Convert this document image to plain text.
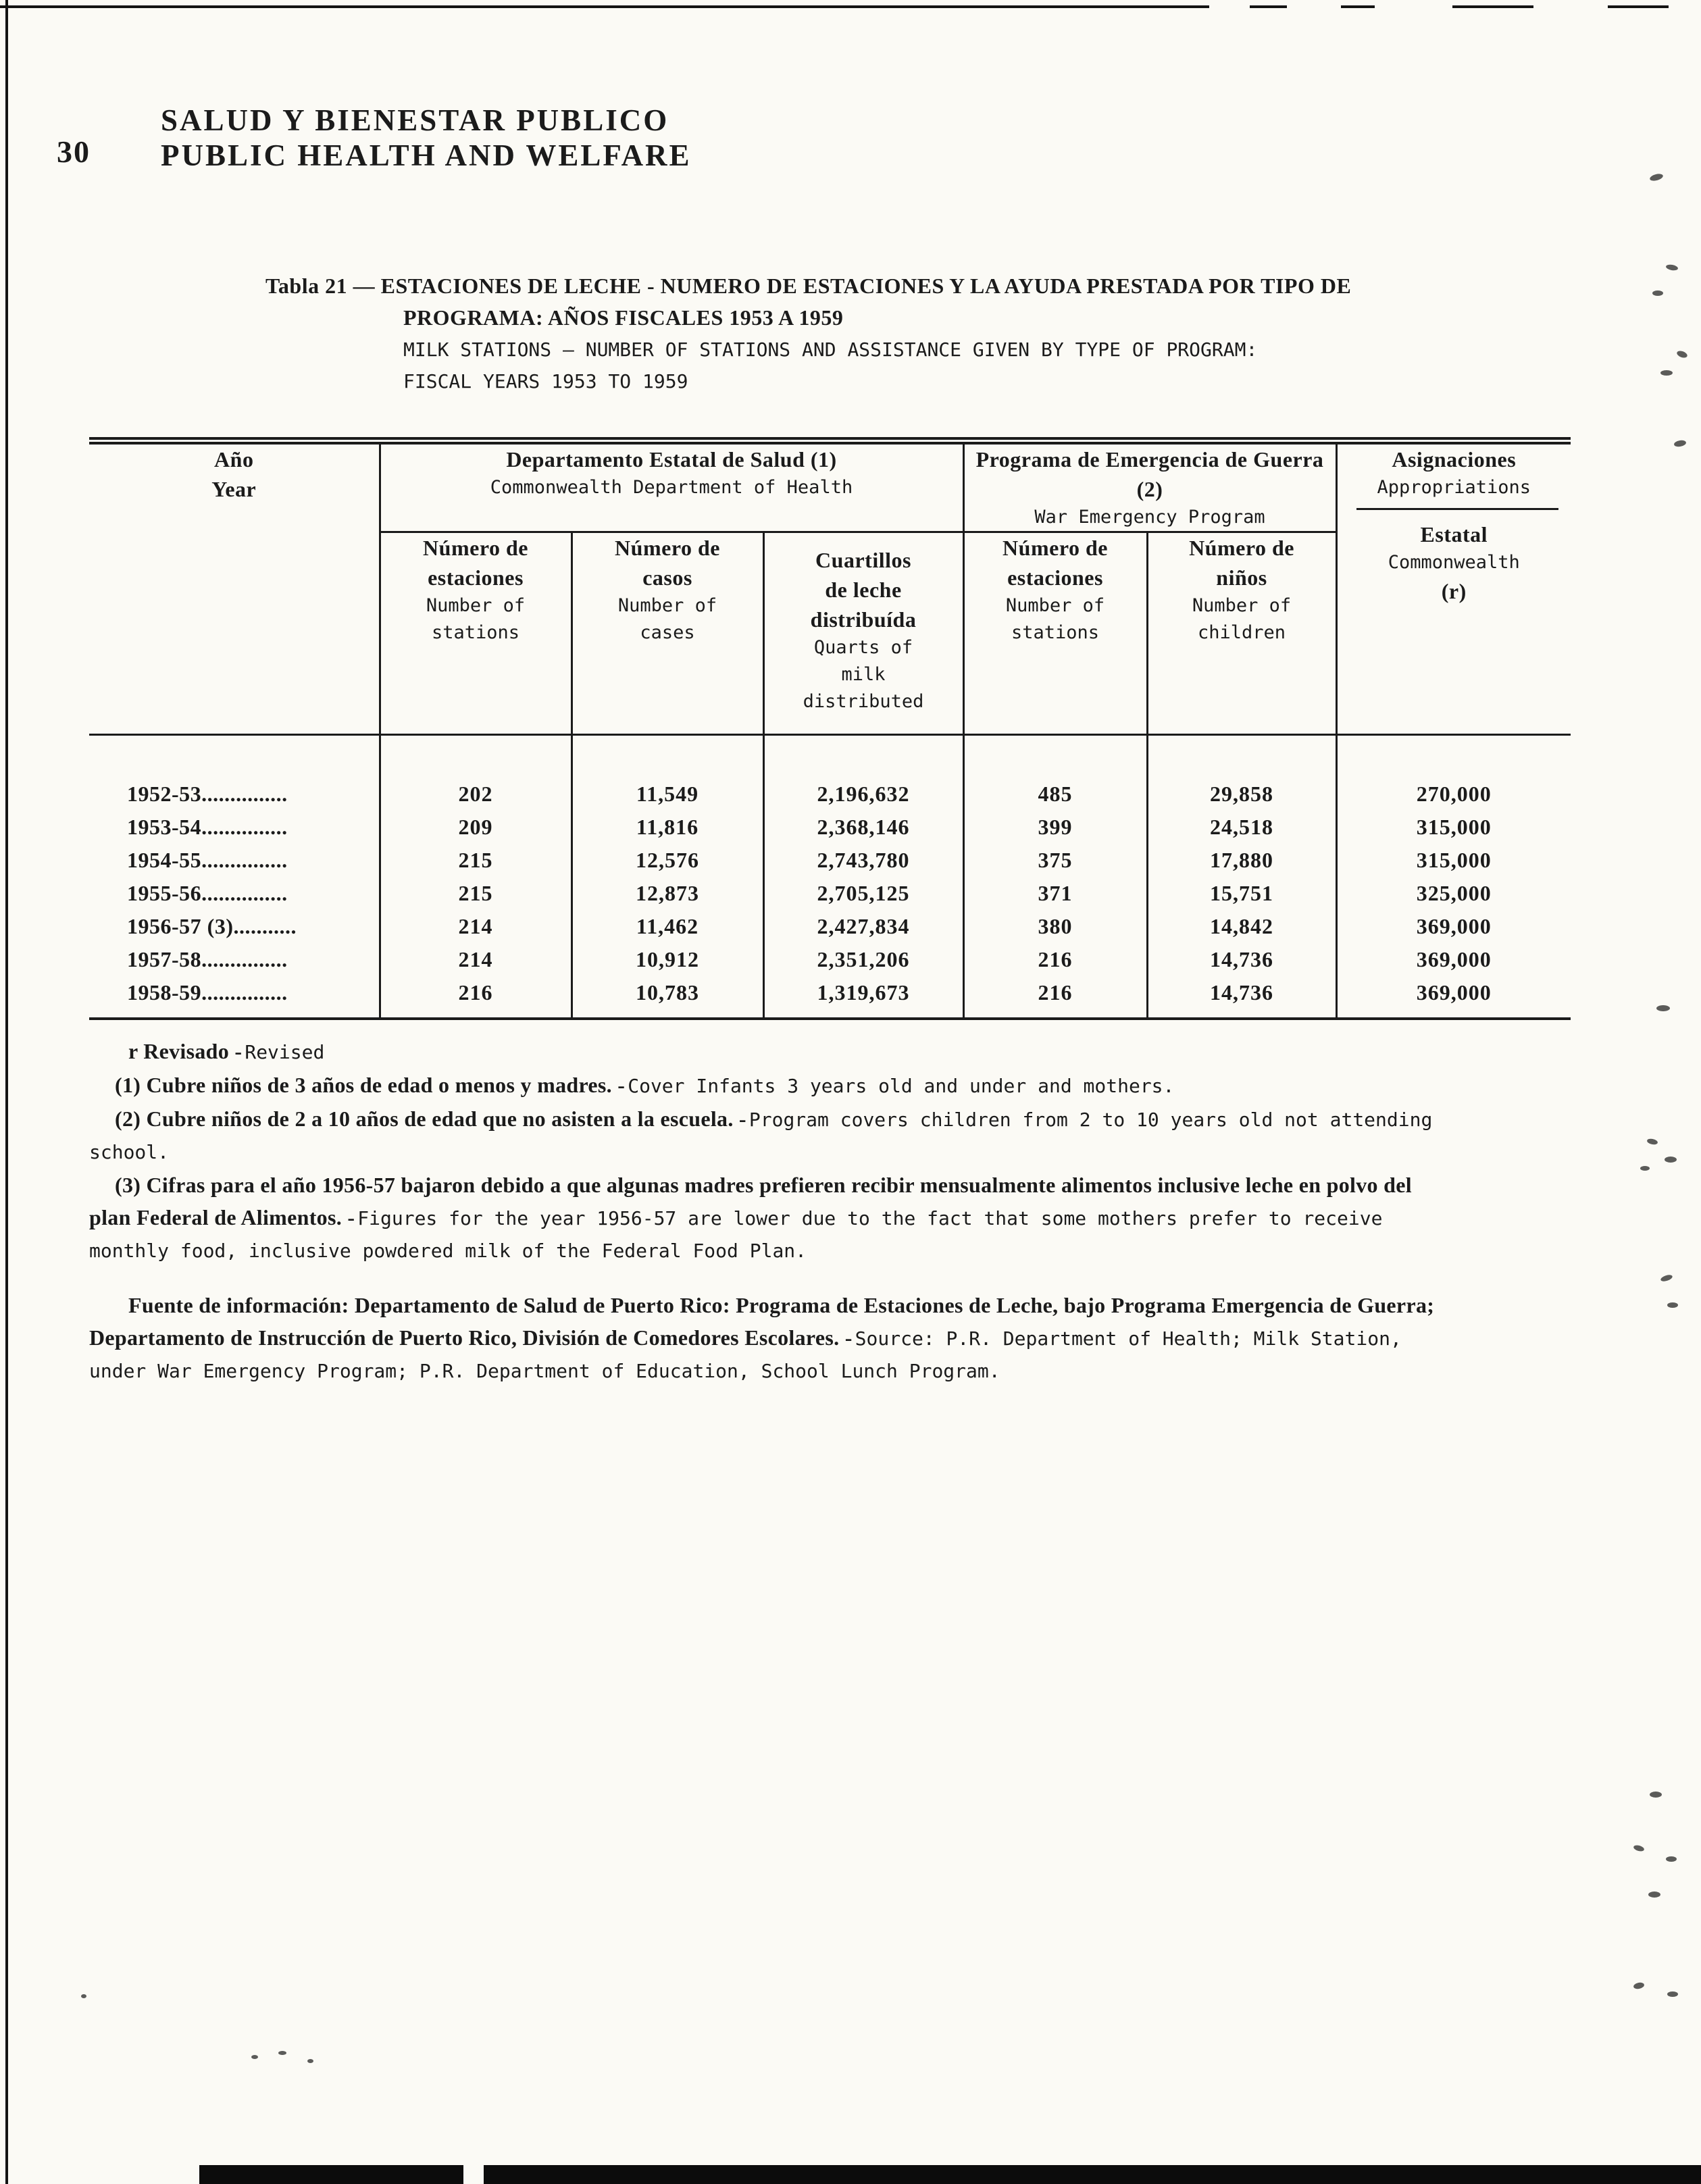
30
SALUD Y BIENESTAR PUBLICO
PUBLIC HEALTH AND WELFARE
Tabla 21 — ESTACIONES DE LECHE - NUMERO DE ESTACIONES Y LA AYUDA PRESTADA POR TIPO DE
PROGRAMA: AÑOS FISCALES 1953 A 1959
MILK STATIONS — NUMBER OF STATIONS AND ASSISTANCE GIVEN BY TYPE OF PROGRAM:
FISCAL YEARS 1953 TO 1959
Año
Year

Departamento Estatal de Salud (1)
Commonwealth Department of Health

Programa de Emergencia de Guerra (2)
War Emergency Program

Asignaciones
Appropriations
Estatal
Commonwealth
(r)

Número de
estaciones
Number of
stations

Número de
casos
Number of
cases

Cuartillos
de leche
distribuída
Quarts of
milk
distributed

Número de
estaciones
Number of
stations

Número de
niños
Number of
children

1952-53...............	202	11,549	2,196,632	485	29,858	270,000
1953-54...............	209	11,816	2,368,146	399	24,518	315,000
1954-55...............	215	12,576	2,743,780	375	17,880	315,000
1955-56...............	215	12,873	2,705,125	371	15,751	325,000
1956-57 (3)...........	214	11,462	2,427,834	380	14,842	369,000
1957-58...............	214	10,912	2,351,206	216	14,736	369,000
1958-59...............	216	10,783	1,319,673	216	14,736	369,000

r Revisado - Revised

(1) Cubre niños de 3 años de edad o menos y madres. - Cover Infants 3 years old and under and mothers.

(2) Cubre niños de 2 a 10 años de edad que no asisten a la escuela. - Program covers children from 2 to 10 years old not attending school.

(3) Cifras para el año 1956-57 bajaron debido a que algunas madres prefieren recibir mensualmente alimentos inclusive leche en polvo del plan Federal de Alimentos. - Figures for the year 1956-57 are lower due to the fact that some mothers prefer to receive monthly food, inclusive powdered milk of the Federal Food Plan.

Fuente de información: Departamento de Salud de Puerto Rico: Programa de Estaciones de Leche, bajo Programa Emergencia de Guerra; Departamento de Instrucción de Puerto Rico, División de Comedores Escolares. - Source: P.R. Department of Health; Milk Station, under War Emergency Program; P.R. Department of Education, School Lunch Program.
